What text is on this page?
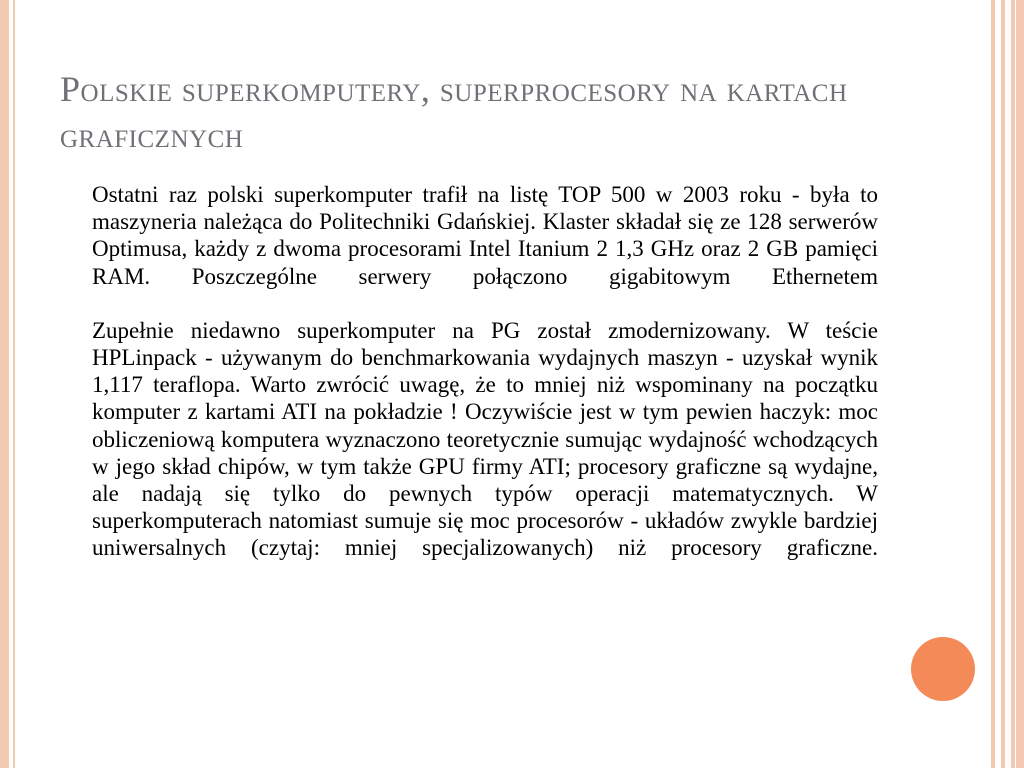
Polskie superkomputery, superprocesory na kartach graficznych

Ostatni raz polski superkomputer trafił na listę TOP 500 w 2003 roku - była to maszyneria należąca do Politechniki Gdańskiej. Klaster składał się ze 128 serwerów Optimusa, każdy z dwoma procesorami Intel Itanium 2 1,3 GHz oraz 2 GB pamięci RAM. Poszczególne serwery połączono gigabitowym Ethernetem

Zupełnie niedawno superkomputer na PG został zmodernizowany. W teście HPLinpack - używanym do benchmarkowania wydajnych maszyn - uzyskał wynik 1,117 teraflopa. Warto zwrócić uwagę, że to mniej niż wspominany na początku komputer z kartami ATI na pokładzie ! Oczywiście jest w tym pewien haczyk: moc obliczeniową komputera wyznaczono teoretycznie sumując wydajność wchodzących w jego skład chipów, w tym także GPU firmy ATI; procesory graficzne są wydajne, ale nadają się tylko do pewnych typów operacji matematycznych. W superkomputerach natomiast sumuje się moc procesorów - układów zwykle bardziej uniwersalnych (czytaj: mniej specjalizowanych) niż procesory graficzne.
